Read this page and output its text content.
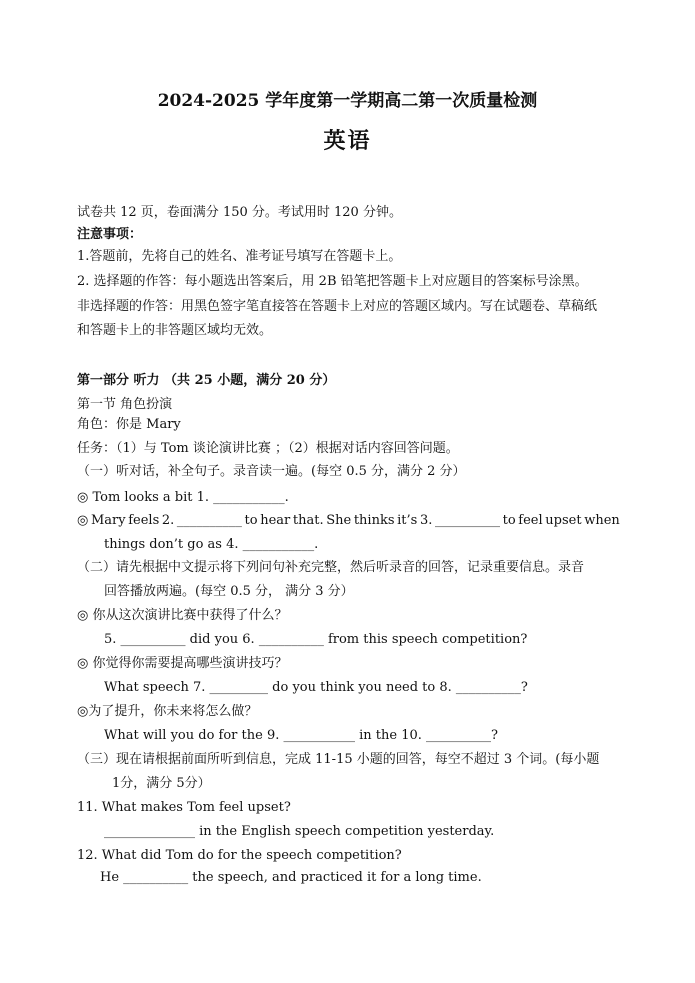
2024-2025 学年度第一学期高二第一次质量检测
英语
试卷共 12 页，卷面满分 150 分。考试用时 120 分钟。
注意事项：
1.答题前，先将自己的姓名、准考证号填写在答题卡上。
2. 选择题的作答：每小题选出答案后，用 2B 铅笔把答题卡上对应题目的答案标号涂黑。
非选择题的作答：用黑色签字笔直接答在答题卡上对应的答题区域内。写在试题卷、草稿纸
和答题卡上的非答题区域均无效。
第一部分 听力 （共 25 小题，满分 20 分）
第一节 角色扮演
角色：你是 Mary
任务：（1）与 Tom 谈论演讲比赛 ；（2）根据对话内容回答问题。
（一）听对话，补全句子。录音读一遍。(每空 0.5 分，满分 2 分）
◎ Tom looks a bit 1. ___________.
◎ Mary feels 2. __________ to hear that. She thinks it’s 3. __________ to feel upset when
things don’t go as 4. ___________.
（二）请先根据中文提示将下列问句补充完整，然后听录音的回答，记录重要信息。录音
回答播放两遍。(每空 0.5 分， 满分 3 分）
◎ 你从这次演讲比赛中获得了什么？
5. __________ did you 6. __________ from this speech competition?
◎ 你觉得你需要提高哪些演讲技巧？
What speech 7. _________ do you think you need to 8. __________?
◎为了提升，你未来将怎么做？
What will you do for the 9. ___________ in the 10. __________?
（三）现在请根据前面所听到信息，完成 11-15 小题的回答，每空不超过 3 个词。(每小题
1分，满分 5分）
11. What makes Tom feel upset?
______________ in the English speech competition yesterday.
12. What did Tom do for the speech competition?
He __________ the speech, and practiced it for a long time.
